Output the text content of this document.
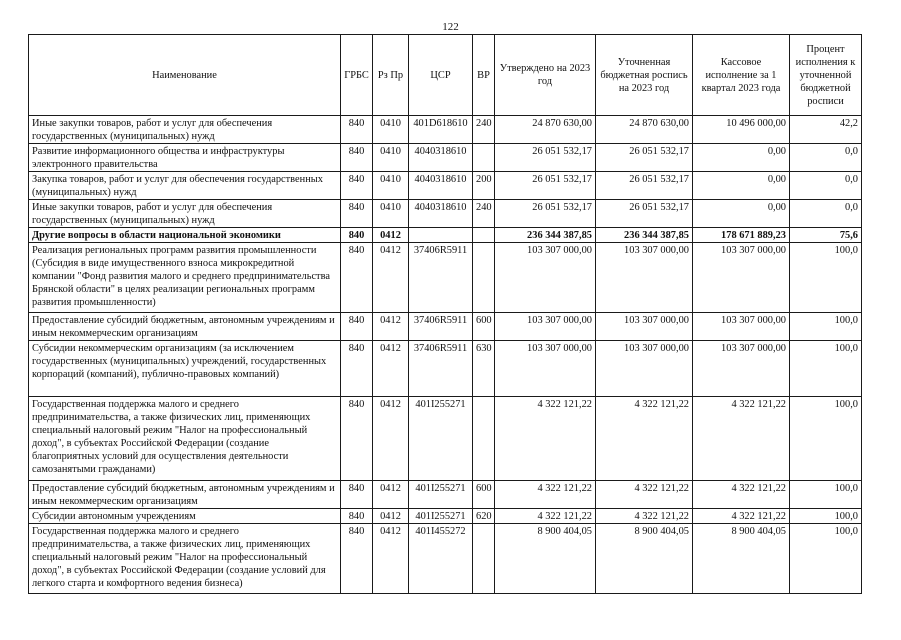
122
Наименование	ГРБС	Рз Пр	ЦСР	ВР	Утверждено на 2023 год	Уточненная бюджетная роспись на 2023 год	Кассовое исполнение за 1 квартал 2023 года	Процент исполнения к уточненной бюджетной росписи
Иные закупки товаров, работ и услуг для обеспечения государственных (муниципальных) нужд	840	0410	401D618610	240	24 870 630,00	24 870 630,00	10 496 000,00	42,2
Развитие информационного общества и инфраструктуры электронного правительства	840	0410	4040318610		26 051 532,17	26 051 532,17	0,00	0,0
Закупка товаров, работ и услуг для обеспечения государственных (муниципальных) нужд	840	0410	4040318610	200	26 051 532,17	26 051 532,17	0,00	0,0
Иные закупки товаров, работ и услуг для обеспечения государственных (муниципальных) нужд	840	0410	4040318610	240	26 051 532,17	26 051 532,17	0,00	0,0
Другие вопросы в области национальной экономики	840	0412			236 344 387,85	236 344 387,85	178 671 889,23	75,6
Реализация региональных программ развития промышленности (Субсидия в виде имущественного взноса микрокредитной компании "Фонд развития малого и среднего предпринимательства Брянской области" в целях реализации региональных программ развития промышленности)	840	0412	37406R5911		103 307 000,00	103 307 000,00	103 307 000,00	100,0
Предоставление субсидий бюджетным, автономным учреждениям и иным некоммерческим организациям	840	0412	37406R5911	600	103 307 000,00	103 307 000,00	103 307 000,00	100,0
Субсидии некоммерческим организациям (за исключением государственных (муниципальных) учреждений, государственных корпораций (компаний), публично-правовых компаний)	840	0412	37406R5911	630	103 307 000,00	103 307 000,00	103 307 000,00	100,0
Государственная поддержка малого и среднего предпринимательства, а также физических лиц, применяющих специальный налоговый режим "Налог на профессиональный доход", в субъектах Российской Федерации (создание благоприятных условий для осуществления деятельности самозанятыми гражданами)	840	0412	401I255271		4 322 121,22	4 322 121,22	4 322 121,22	100,0
Предоставление субсидий бюджетным, автономным учреждениям и иным некоммерческим организациям	840	0412	401I255271	600	4 322 121,22	4 322 121,22	4 322 121,22	100,0
Субсидии автономным учреждениям	840	0412	401I255271	620	4 322 121,22	4 322 121,22	4 322 121,22	100,0
Государственная поддержка малого и среднего предпринимательства, а также физических лиц, применяющих специальный налоговый режим "Налог на профессиональный доход", в субъектах Российской Федерации (создание условий для легкого старта и комфортного ведения бизнеса)	840	0412	401I455272		8 900 404,05	8 900 404,05	8 900 404,05	100,0
